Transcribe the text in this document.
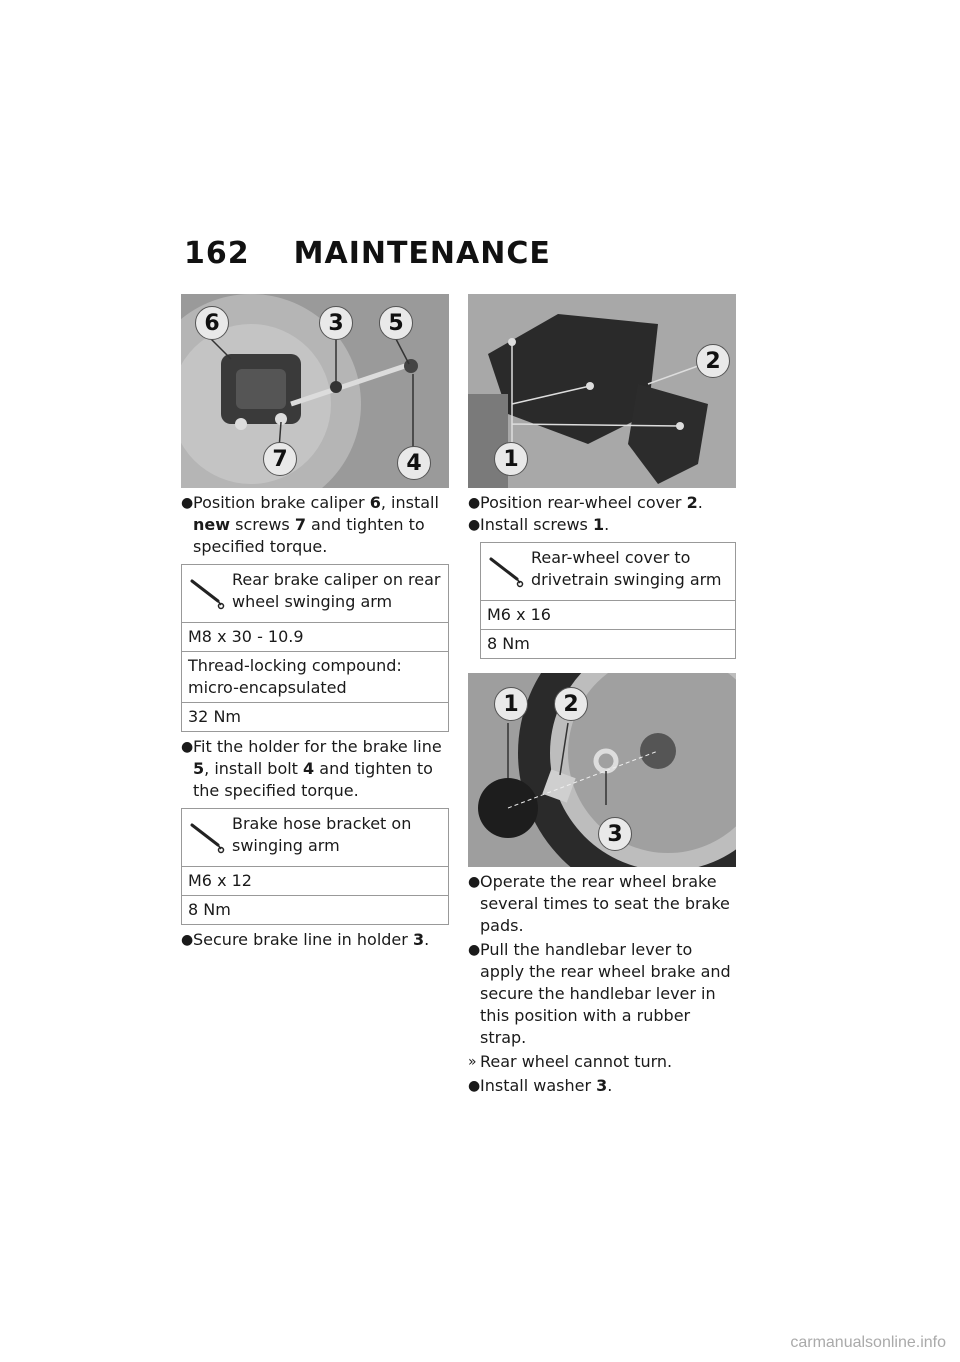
162 MAINTENANCE
6	3	5
7	4
● Position brake caliper 6, install new screws 7 and tighten to specified torque.
Rear brake caliper on rear wheel swinging arm
M8 x 30 - 10.9
Thread-locking compound: micro-encapsulated
32 Nm
● Fit the holder for the brake line 5, install bolt 4 and tighten to the specified torque.
Brake hose bracket on swinging arm
M6 x 12
8 Nm
● Secure brake line in holder 3.
2
1
● Position rear-wheel cover 2.
● Install screws 1.
Rear-wheel cover to drivetrain swinging arm
M6 x 16
8 Nm
1	2
3
● Operate the rear wheel brake several times to seat the brake pads.
● Pull the handlebar lever to apply the rear wheel brake and secure the handlebar lever in this position with a rubber strap.
» Rear wheel cannot turn.
● Install washer 3.
carmanualsonline.info
